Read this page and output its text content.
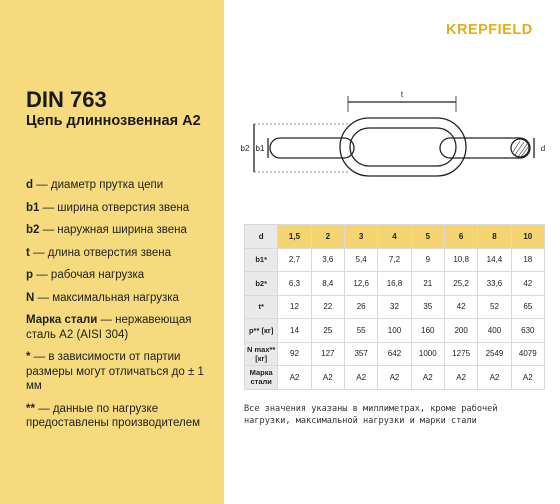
DIN 763
Цепь длиннозвенная A2
d — диаметр прутка цепи
b1 — ширина отверстия звена
b2 — наружная ширина звена
t — длина отверстия звена
p — рабочая нагрузка
N — максимальная нагрузка
Марка стали — нержавеющая сталь A2 (AISI 304)
* — в зависимости от партии размеры могут отличаться до ± 1 мм
** — данные по нагрузке предоставлены производителем
KREPFIELD
t
b2 b1	d
d	1,5	2	3	4	5	6	8	10
b1*	2,7	3,6	5,4	7,2	9	10,8	14,4	18
b2*	6,3	8,4	12,6	16,8	21	25,2	33,6	42
t*	12	22	26	32	35	42	52	65
p** [кг]	14	25	55	100	160	200	400	630
N max** [кг]	92	127	357	642	1000	1275	2549	4079
Марка стали	A2	A2	A2	A2	A2	A2	A2	A2
Все значения указаны в миллиметрах, кроме рабочей нагрузки, максимальной нагрузки и марки стали
